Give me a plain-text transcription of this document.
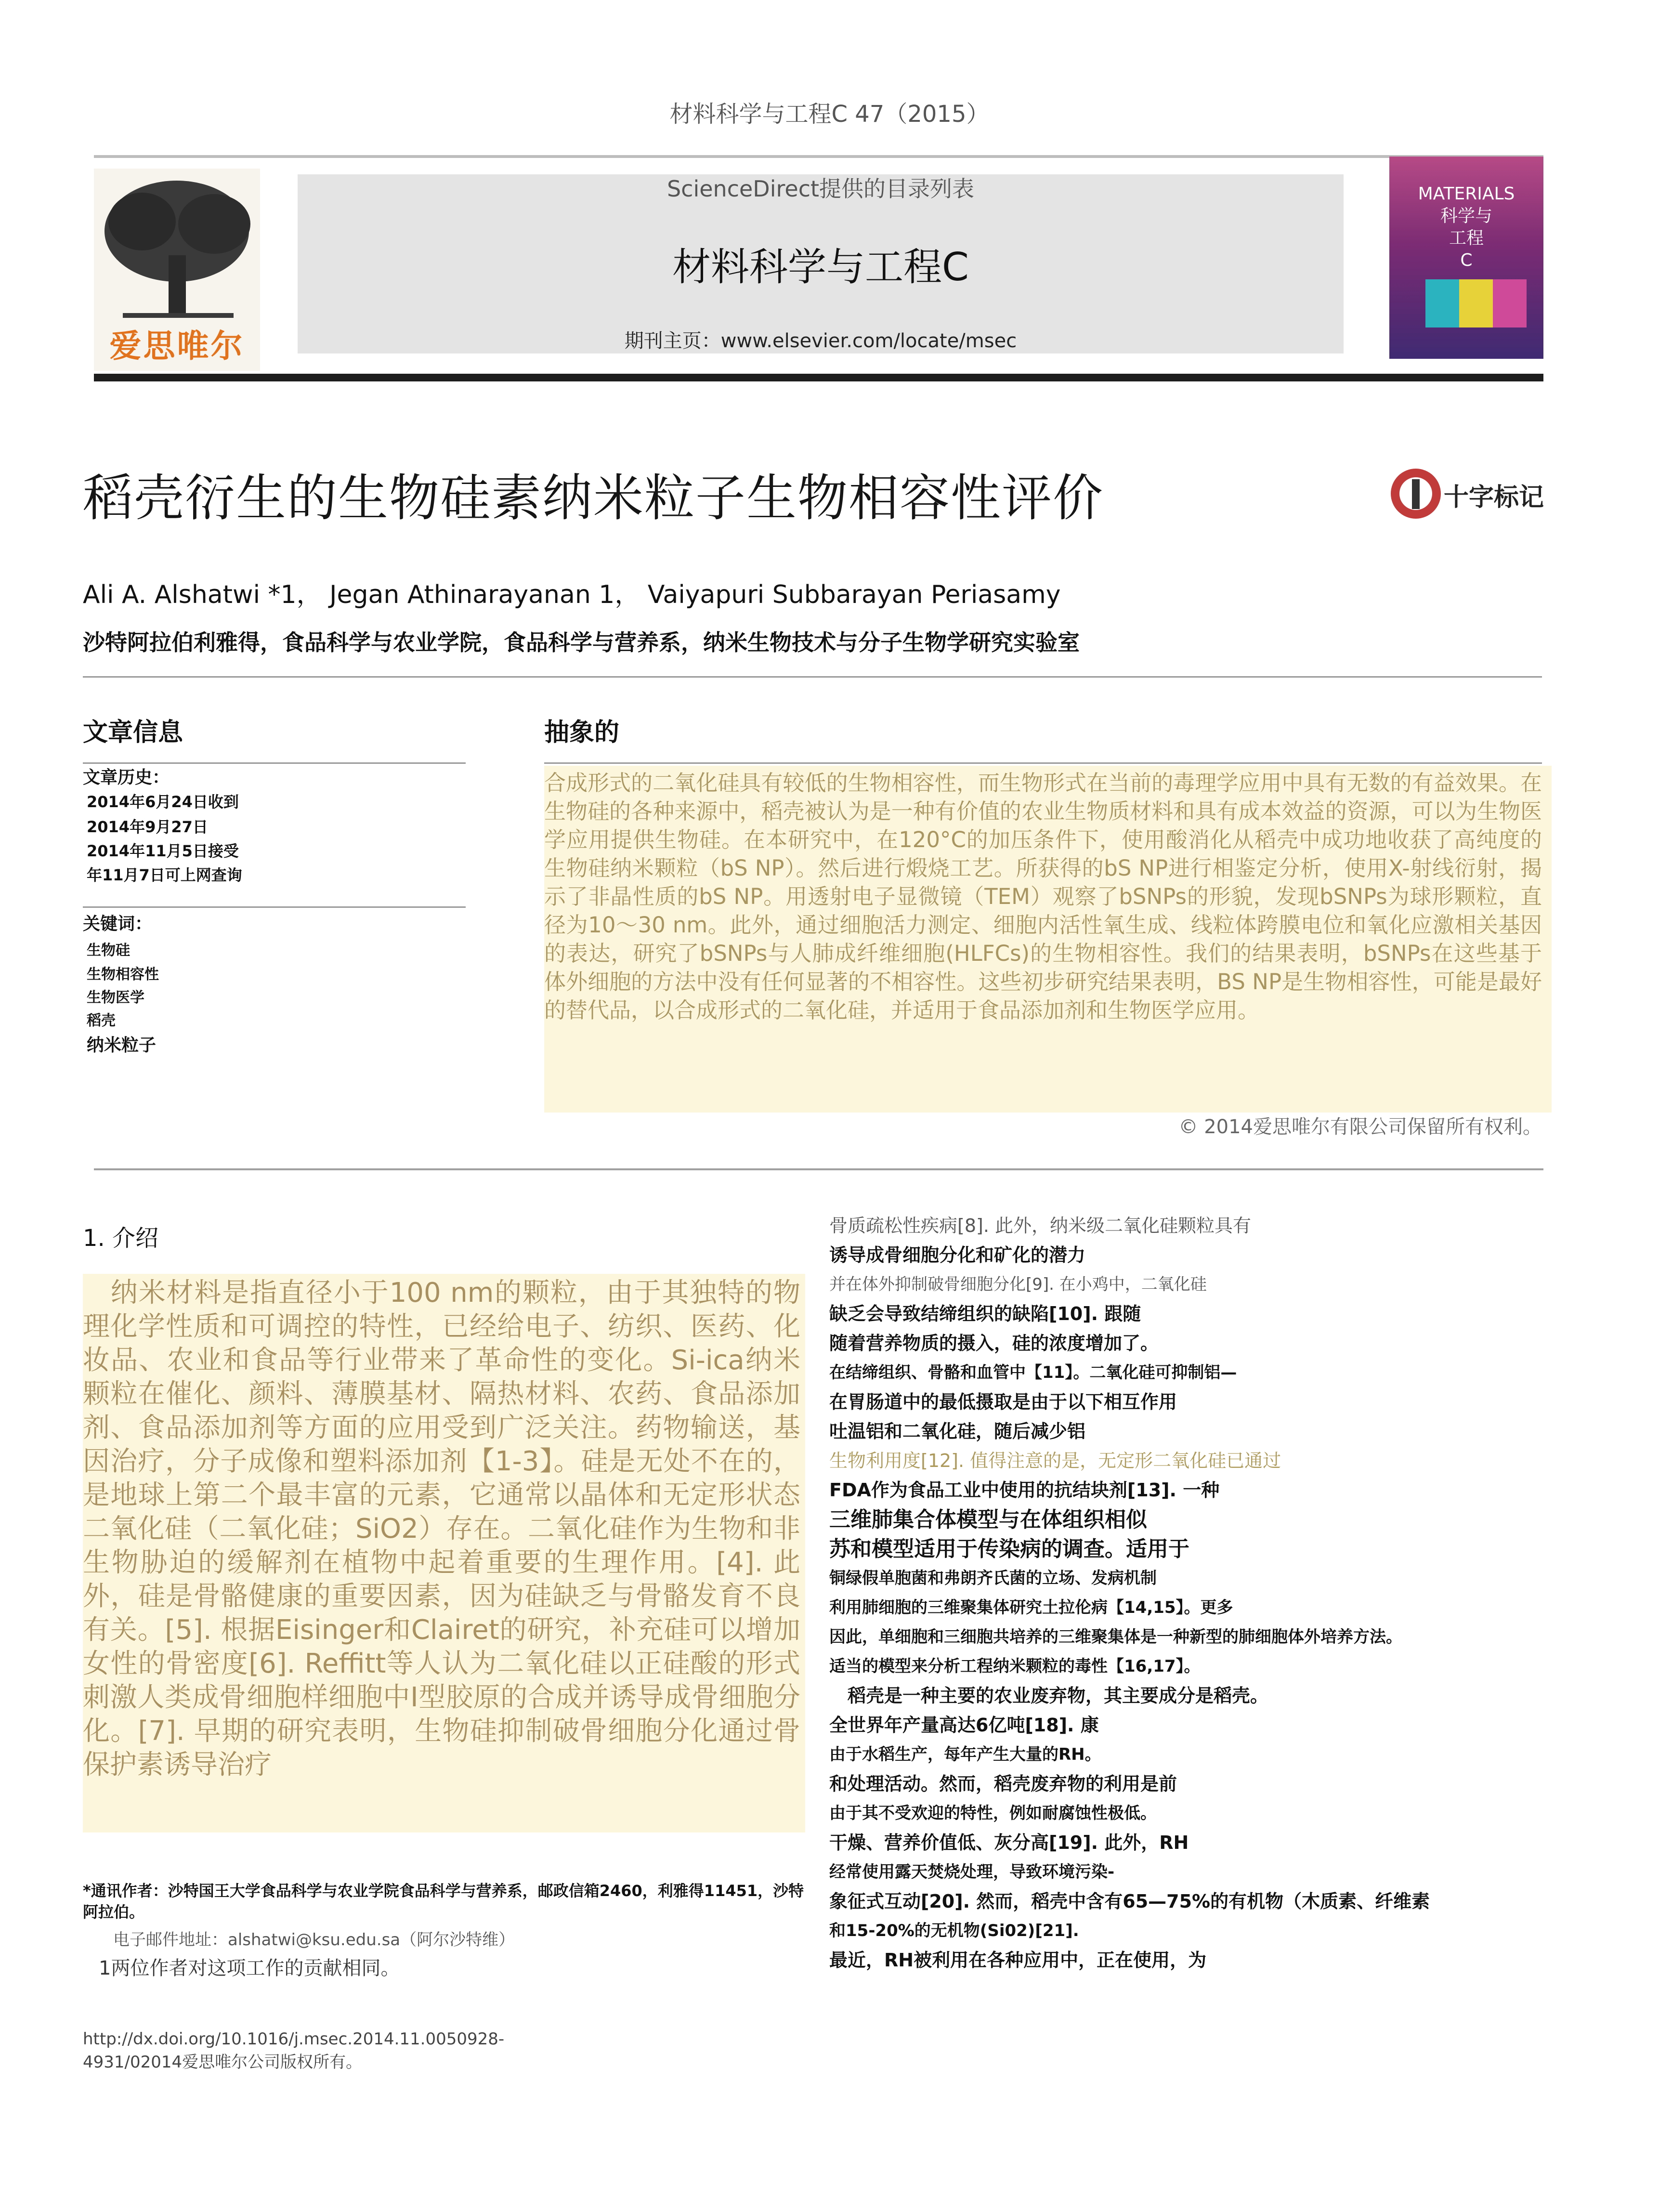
材料科学与工程C 47（2015）
爱思唯尔
ScienceDirect提供的目录列表
材料科学与工程C
期刊主页：www.elsevier.com/locate/msec
MATERIALS
科学与
工程
C
稻壳衍生的生物硅素纳米粒子生物相容性评价	十字标记
Ali A. Alshatwi *1， Jegan Athinarayanan 1， Vaiyapuri Subbarayan Periasamy
沙特阿拉伯利雅得，食品科学与农业学院，食品科学与营养系，纳米生物技术与分子生物学研究实验室
文章信息
文章历史：
2014年6月24日收到
2014年9月27日
2014年11月5日接受
年11月7日可上网查询
关键词：
生物硅
生物相容性
生物医学
稻壳
纳米粒子
抽象的
合成形式的二氧化硅具有较低的生物相容性，而生物形式在当前的毒理学应用中具有无数的有益效果。在生物硅的各种来源中，稻壳被认为是一种有价值的农业生物质材料和具有成本效益的资源，可以为生物医学应用提供生物硅。在本研究中，在120°C的加压条件下，使用酸消化从稻壳中成功地收获了高纯度的生物硅纳米颗粒（bS NP）。然后进行煅烧工艺。所获得的bS NP进行相鉴定分析，使用X-射线衍射，揭示了非晶性质的bS NP。用透射电子显微镜（TEM）观察了bSNPs的形貌，发现bSNPs为球形颗粒，直径为10～30 nm。此外，通过细胞活力测定、细胞内活性氧生成、线粒体跨膜电位和氧化应激相关基因的表达，研究了bSNPs与人肺成纤维细胞(HLFCs)的生物相容性。我们的结果表明，bSNPs在这些基于体外细胞的方法中没有任何显著的不相容性。这些初步研究结果表明，BS NP是生物相容性，可能是最好的替代品，以合成形式的二氧化硅，并适用于食品添加剂和生物医学应用。
© 2014爱思唯尔有限公司保留所有权利。
1. 介绍
　纳米材料是指直径小于100 nm的颗粒，由于其独特的物理化学性质和可调控的特性，已经给电子、纺织、医药、化妆品、农业和食品等行业带来了革命性的变化。Si-ica纳米颗粒在催化、颜料、薄膜基材、隔热材料、农药、食品添加剂、食品添加剂等方面的应用受到广泛关注。药物输送，基因治疗，分子成像和塑料添加剂【1-3】。硅是无处不在的，是地球上第二个最丰富的元素，它通常以晶体和无定形状态二氧化硅（二氧化硅；SiO2）存在。二氧化硅作为生物和非生物胁迫的缓解剂在植物中起着重要的生理作用。[4]. 此外，硅是骨骼健康的重要因素，因为硅缺乏与骨骼发育不良有关。[5]. 根据Eisinger和Clairet的研究，补充硅可以增加女性的骨密度[6]. Reffitt等人认为二氧化硅以正硅酸的形式刺激人类成骨细胞样细胞中I型胶原的合成并诱导成骨细胞分化。[7]. 早期的研究表明，生物硅抑制破骨细胞分化通过骨保护素诱导治疗
*通讯作者：沙特国王大学食品科学与农业学院食品科学与营养系，邮政信箱2460，利雅得11451，沙特阿拉伯。
电子邮件地址：alshatwi@ksu.edu.sa（阿尔沙特维）
1两位作者对这项工作的贡献相同。
http://dx.doi.org/10.1016/j.msec.2014.11.0050928-4931/02014爱思唯尔公司版权所有。
骨质疏松性疾病[8]. 此外，纳米级二氧化硅颗粒具有
诱导成骨细胞分化和矿化的潜力
并在体外抑制破骨细胞分化[9]. 在小鸡中，二氧化硅
缺乏会导致结缔组织的缺陷[10]. 跟随
随着营养物质的摄入，硅的浓度增加了。
在结缔组织、骨骼和血管中【11】。二氧化硅可抑制铝—
在胃肠道中的最低摄取是由于以下相互作用
吐温铝和二氧化硅，随后减少铝
生物利用度[12]. 值得注意的是，无定形二氧化硅已通过
FDA作为食品工业中使用的抗结块剂[13]. 一种
三维肺集合体模型与在体组织相似
苏和模型适用于传染病的调查。适用于
铜绿假单胞菌和弗朗齐氏菌的立场、发病机制
利用肺细胞的三维聚集体研究土拉伦病【14,15】。更多
因此，单细胞和三细胞共培养的三维聚集体是一种新型的肺细胞体外培养方法。
适当的模型来分析工程纳米颗粒的毒性【16,17】。
　稻壳是一种主要的农业废弃物，其主要成分是稻壳。
全世界年产量高达6亿吨[18]. 康
由于水稻生产，每年产生大量的RH。
和处理活动。然而，稻壳废弃物的利用是前
由于其不受欢迎的特性，例如耐腐蚀性极低。
干燥、营养价值低、灰分高[19]. 此外，RH
经常使用露天焚烧处理，导致环境污染-
象征式互动[20]. 然而，稻壳中含有65—75%的有机物（木质素、纤维素
和15-20%的无机物(Si02)[21].
最近，RH被利用在各种应用中，正在使用，为
